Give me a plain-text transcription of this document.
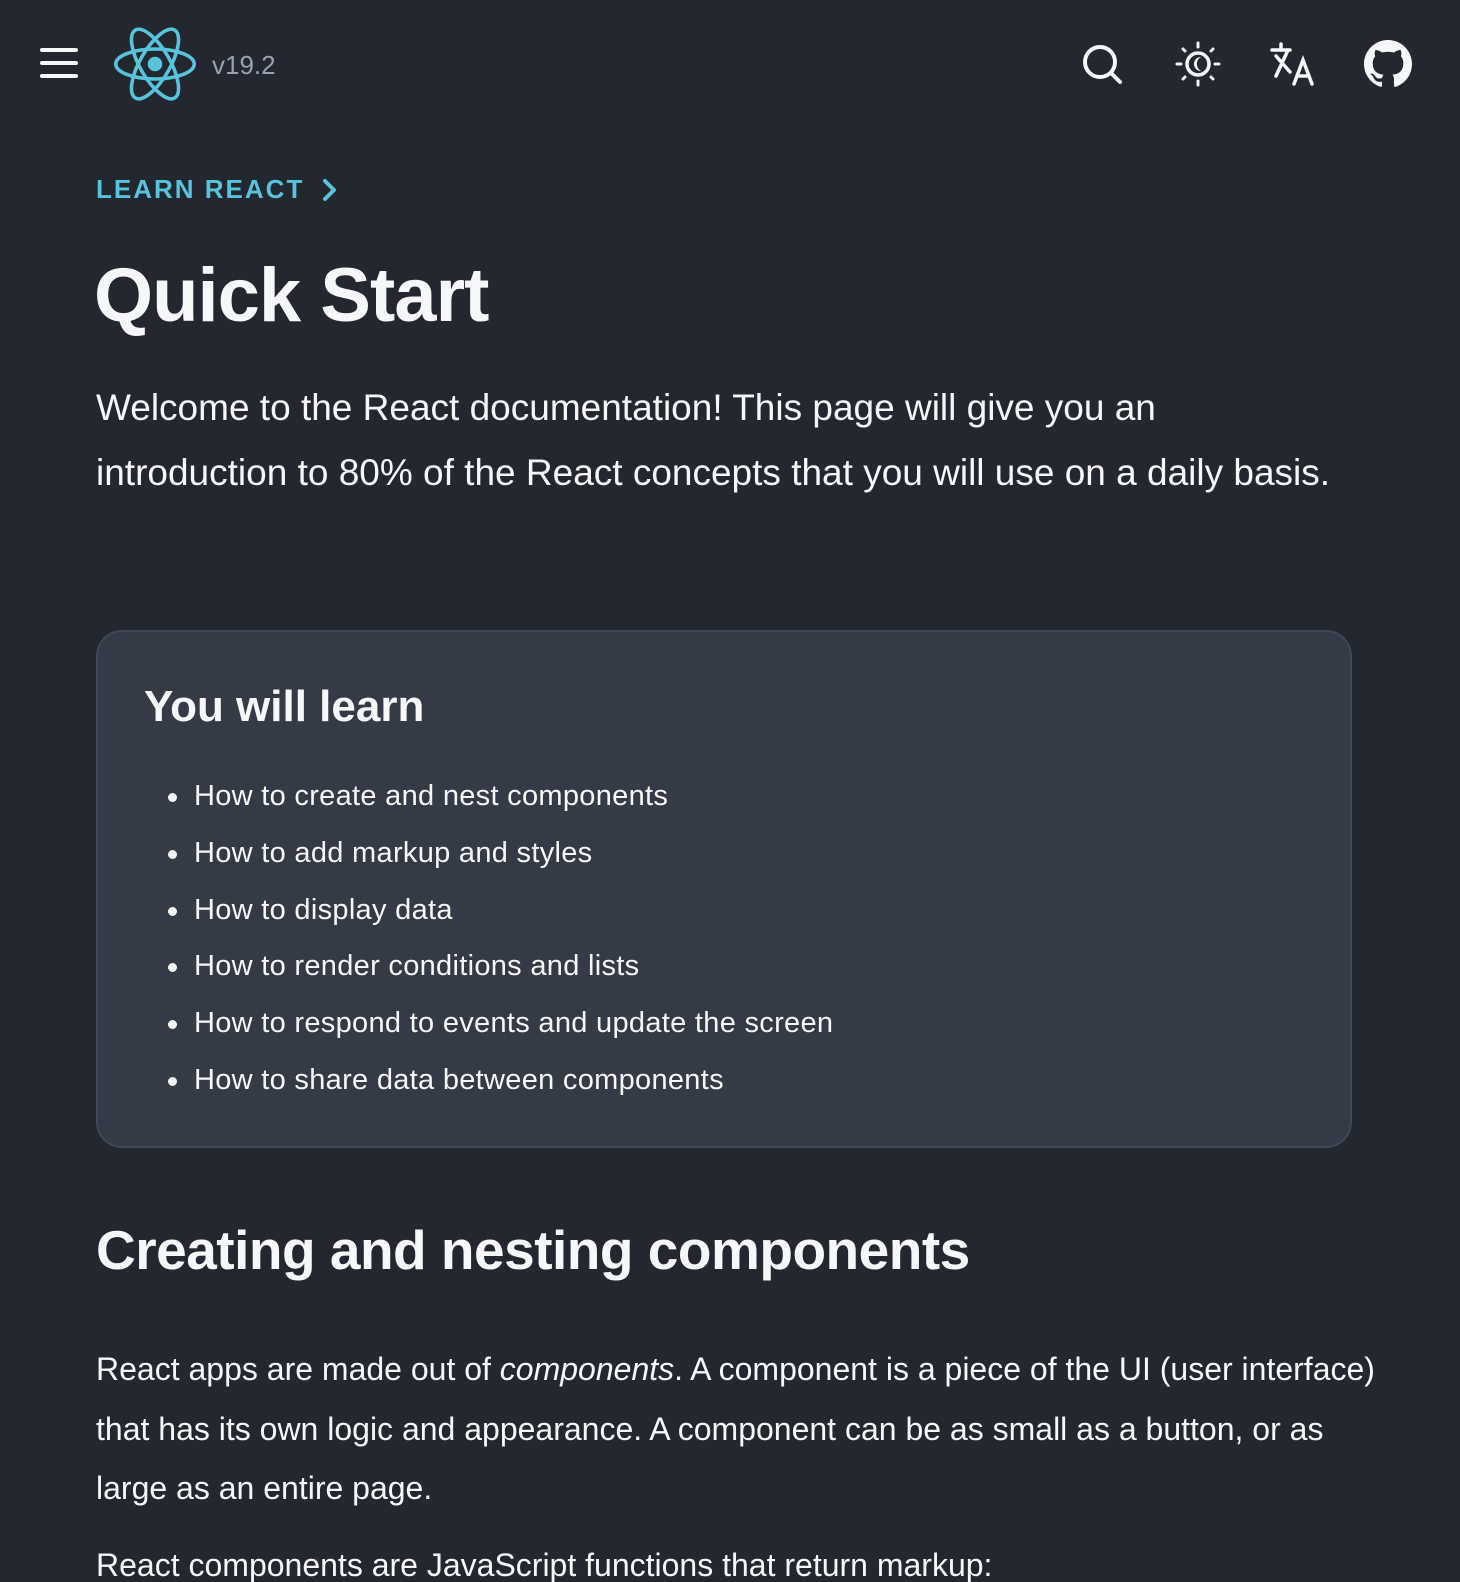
v19.2
LEARN REACT
Quick Start

Welcome to the React documentation! This page will give you an introduction to 80% of the React concepts that you will use on a daily basis.

You will learn
How to create and nest components
How to add markup and styles
How to display data
How to render conditions and lists
How to respond to events and update the screen
How to share data between components
Creating and nesting components

React apps are made out of components. A component is a piece of the UI (user interface) that has its own logic and appearance. A component can be as small as a button, or as large as an entire page.

React components are JavaScript functions that return markup:
